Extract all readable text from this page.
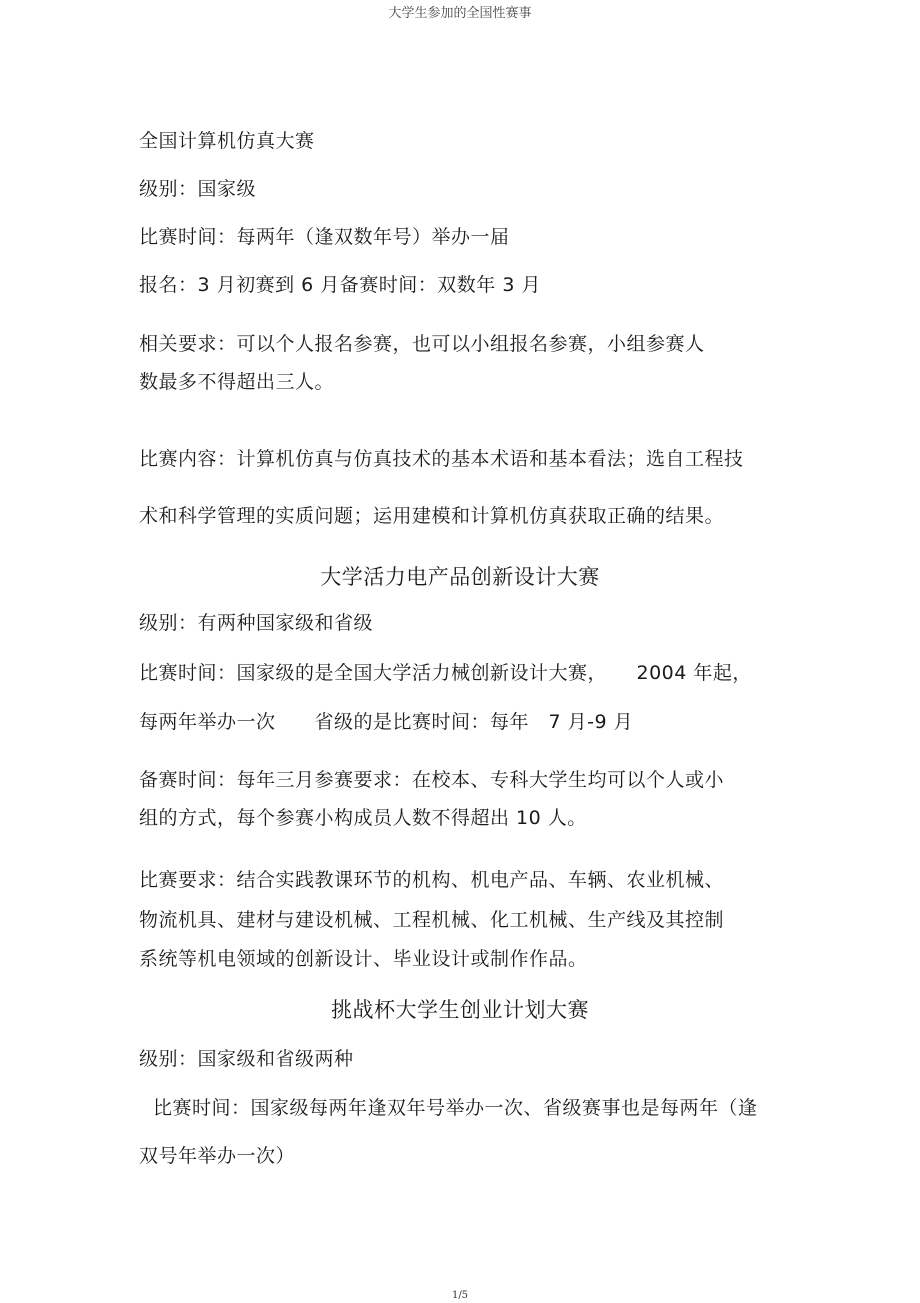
大学生参加的全国性赛事
全国计算机仿真大赛
级别：国家级
比赛时间：每两年（逢双数年号）举办一届
报名：3 月初赛到 6 月备赛时间：双数年 3 月
相关要求：可以个人报名参赛，也可以小组报名参赛，小组参赛人
数最多不得超出三人。
比赛内容：计算机仿真与仿真技术的基本术语和基本看法；选自工程技
术和科学管理的实质问题；运用建模和计算机仿真获取正确的结果。
大学活力电产品创新设计大赛
级别：有两种国家级和省级
比赛时间：国家级的是全国大学活力械创新设计大赛，　　2004 年起，
每两年举办一次　　省级的是比赛时间：每年　7 月-9 月
备赛时间：每年三月参赛要求：在校本、专科大学生均可以个人或小
组的方式，每个参赛小构成员人数不得超出 10 人。
比赛要求：结合实践教课环节的机构、机电产品、车辆、农业机械、
物流机具、建材与建设机械、工程机械、化工机械、生产线及其控制
系统等机电领域的创新设计、毕业设计或制作作品。
挑战杯大学生创业计划大赛
级别：国家级和省级两种
比赛时间：国家级每两年逢双年号举办一次、省级赛事也是每两年（逢
双号年举办一次）
1/5
